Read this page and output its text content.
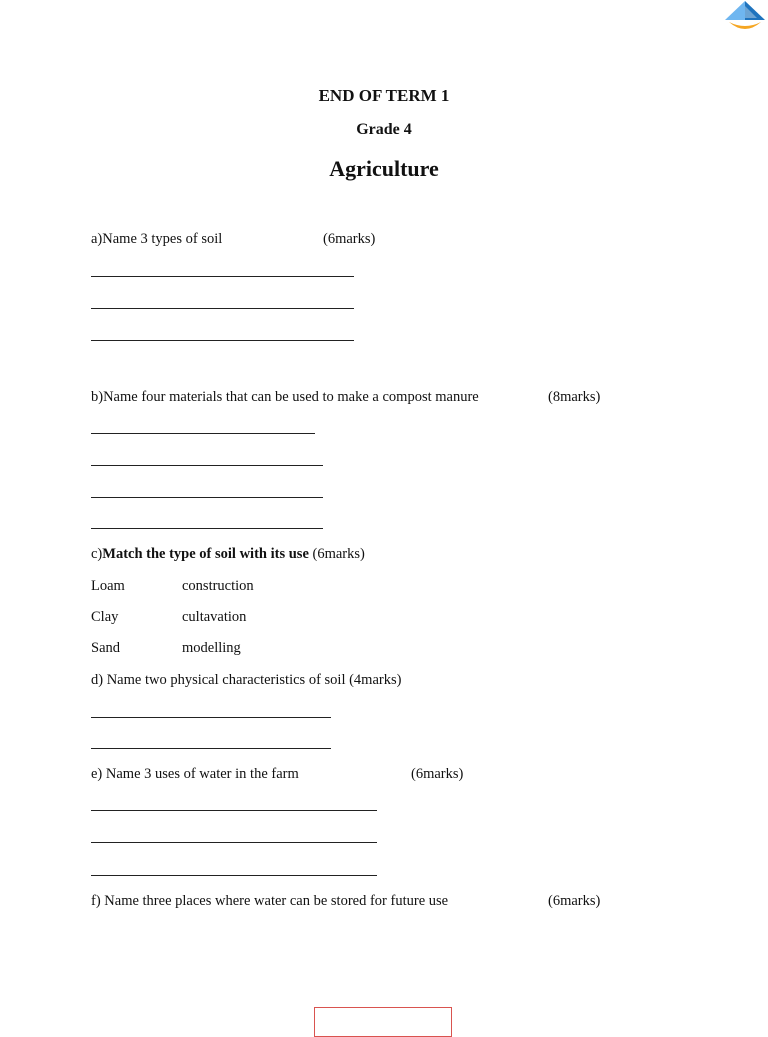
END OF TERM 1
Grade 4
Agriculture
a)Name 3 types of soil	(6marks)
b)Name four materials that can be used to make a compost manure	(8marks)
c)Match the type of soil with its use (6marks)
Loam	construction
Clay	cultavation
Sand	modelling
d) Name two physical characteristics of soil (4marks)
e) Name 3 uses of water in the farm	(6marks)
f) Name three places where water can be stored for future use	(6marks)
